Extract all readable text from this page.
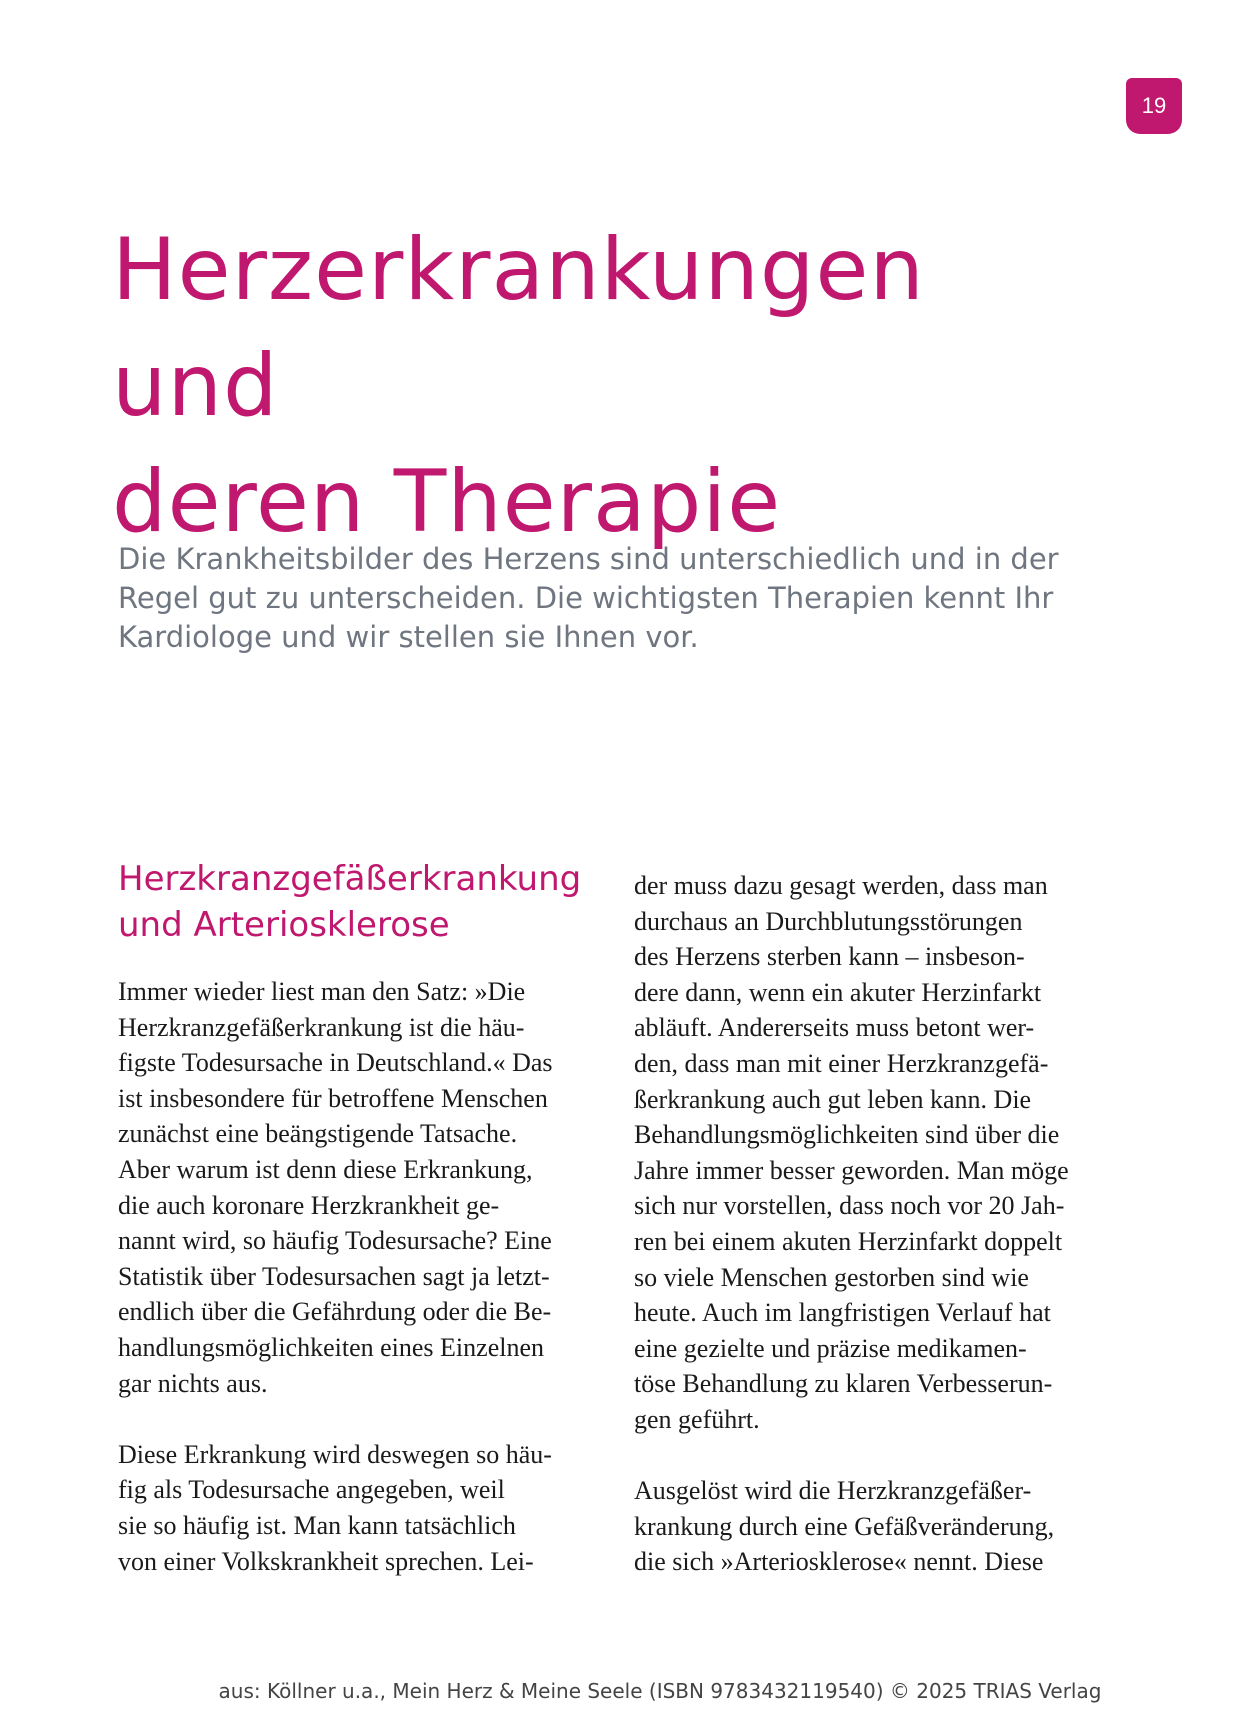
19
Herzerkrankungen und
deren Therapie

Die Krankheitsbilder des Herzens sind unterschiedlich und in der
Regel gut zu unterscheiden. Die wichtigsten Therapien kennt Ihr
Kardiologe und wir stellen sie Ihnen vor.

Herzkranzgefäßerkrankung
und Arteriosklerose

Immer wieder liest man den Satz: »Die
Herzkranzgefäßerkrankung ist die häu-
figste Todesursache in Deutschland.« Das
ist insbesondere für betroffene Menschen
zunächst eine beängstigende Tatsache.
Aber warum ist denn diese Erkrankung,
die auch koronare Herzkrankheit ge-
nannt wird, so häufig Todesursache? Eine
Statistik über Todesursachen sagt ja letzt-
endlich über die Gefährdung oder die Be-
handlungsmöglichkeiten eines Einzelnen
gar nichts aus.

Diese Erkrankung wird deswegen so häu-
fig als Todesursache angegeben, weil
sie so häufig ist. Man kann tatsächlich
von einer Volkskrankheit sprechen. Lei-

der muss dazu gesagt werden, dass man
durchaus an Durchblutungsstörungen
des Herzens sterben kann – insbeson-
dere dann, wenn ein akuter Herzinfarkt
abläuft. Andererseits muss betont wer-
den, dass man mit einer Herzkranzgefä-
ßerkrankung auch gut leben kann. Die
Behandlungsmöglichkeiten sind über die
Jahre immer besser geworden. Man möge
sich nur vorstellen, dass noch vor 20 Jah-
ren bei einem akuten Herzinfarkt doppelt
so viele Menschen gestorben sind wie
heute. Auch im langfristigen Verlauf hat
eine gezielte und präzise medikamen-
töse Behandlung zu klaren Verbesserun-
gen geführt.

Ausgelöst wird die Herzkranzgefäßer-
krankung durch eine Gefäßveränderung,
die sich »Arteriosklerose« nennt. Diese

aus: Köllner u.a., Mein Herz & Meine Seele (ISBN 9783432119540) © 2025 TRIAS Verlag
